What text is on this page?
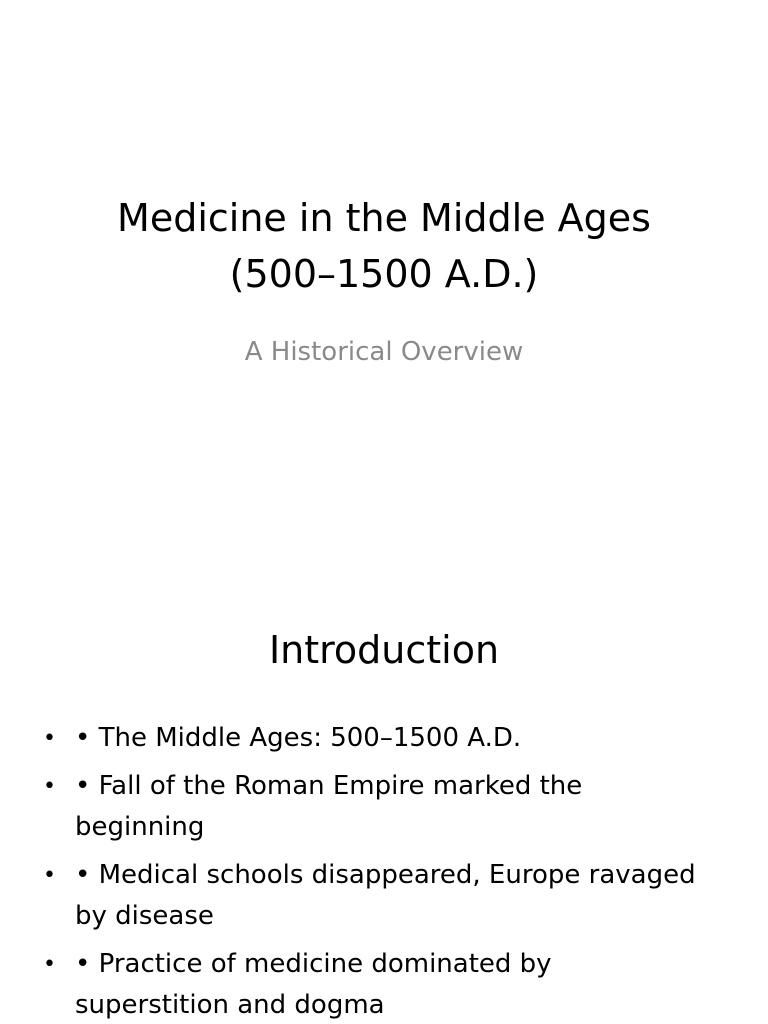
Medicine in the Middle Ages
(500–1500 A.D.)

A Historical Overview

Introduction
• • The Middle Ages: 500–1500 A.D.
• • Fall of the Roman Empire marked the beginning
• • Medical schools disappeared, Europe ravaged by disease
• • Practice of medicine dominated by superstition and dogma
